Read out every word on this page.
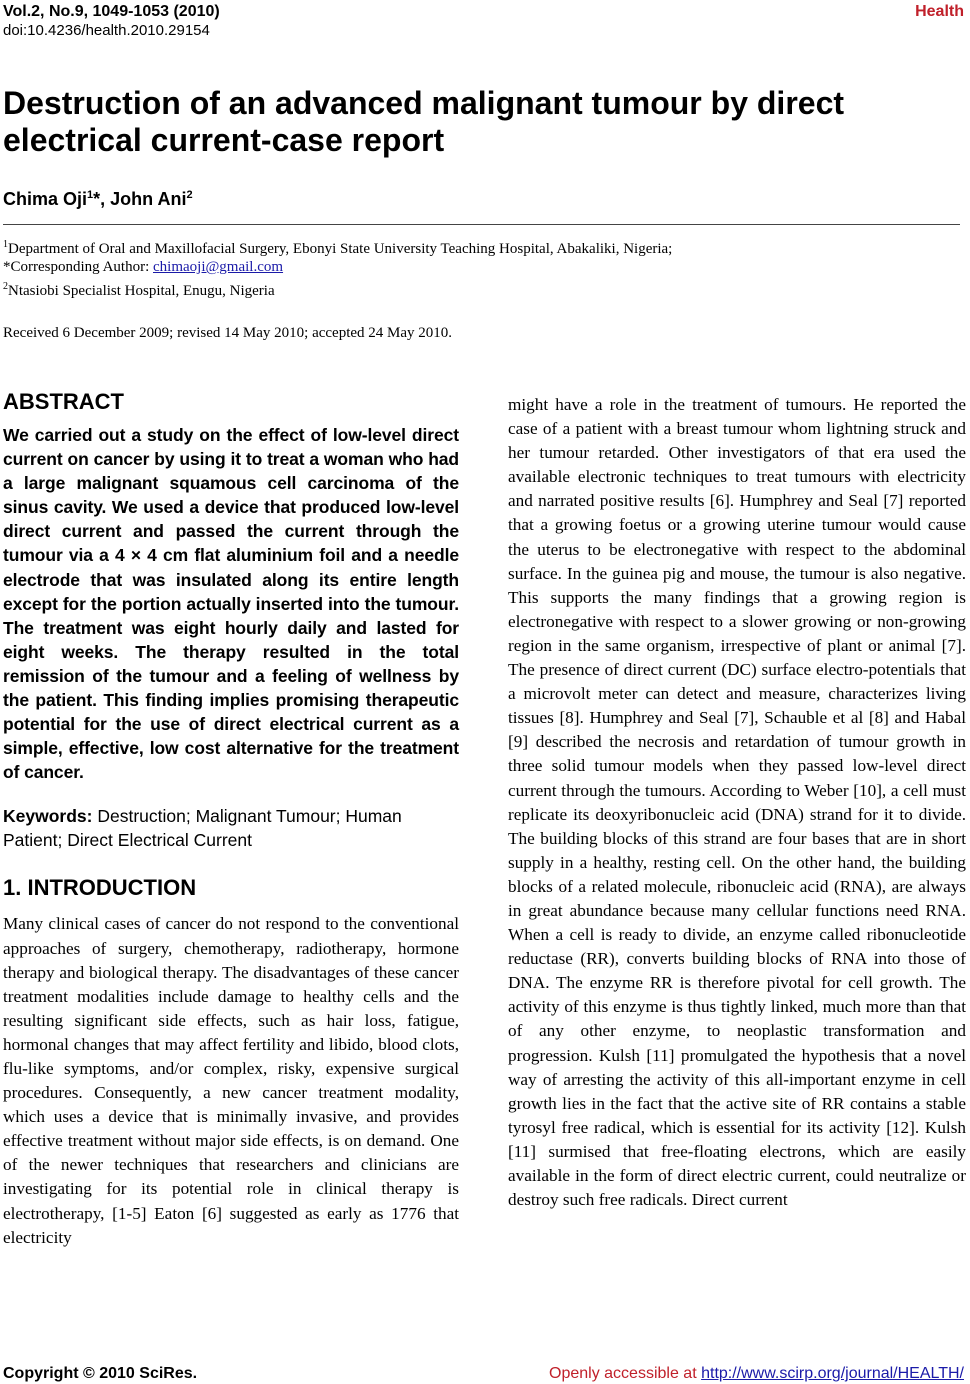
Vol.2, No.9, 1049-1053 (2010)
doi:10.4236/health.2010.29154
Health
Destruction of an advanced malignant tumour by direct electrical current-case report
Chima Oji$^1$*, John Ani$^2$
$^1$Department of Oral and Maxillofacial Surgery, Ebonyi State University Teaching Hospital, Abakaliki, Nigeria;
*Corresponding Author: chimaoji@gmail.com
$^2$Ntasiobi Specialist Hospital, Enugu, Nigeria
Received 6 December 2009; revised 14 May 2010; accepted 24 May 2010.
ABSTRACT

We carried out a study on the effect of low-level direct current on cancer by using it to treat a woman who had a large malignant squamous cell carcinoma of the sinus cavity. We used a device that produced low-level direct current and passed the current through the tumour via a 4 × 4 cm flat aluminium foil and a needle electrode that was insulated along its entire length except for the portion actually inserted into the tumour. The treatment was eight hourly daily and lasted for eight weeks. The therapy resulted in the total remission of the tumour and a feeling of wellness by the patient. This finding implies promising therapeutic potential for the use of direct electrical current as a simple, effective, low cost alternative for the treatment of cancer.

Keywords: Destruction; Malignant Tumour; Human Patient; Direct Electrical Current

1. INTRODUCTION

Many clinical cases of cancer do not respond to the conventional approaches of surgery, chemotherapy, radiotherapy, hormone therapy and biological therapy. The disadvantages of these cancer treatment modalities include damage to healthy cells and the resulting significant side effects, such as hair loss, fatigue, hormonal changes that may affect fertility and libido, blood clots, flu-like symptoms, and/or complex, risky, expensive surgical procedures. Consequently, a new cancer treatment modality, which uses a device that is minimally invasive, and provides effective treatment without major side effects, is on demand. One of the newer techniques that researchers and clinicians are investigating for its potential role in clinical therapy is electrotherapy, [1-5] Eaton [6] suggested as early as 1776 that electricity

might have a role in the treatment of tumours. He reported the case of a patient with a breast tumour whom lightning struck and her tumour retarded. Other investigators of that era used the available electronic techniques to treat tumours with electricity and narrated positive results [6]. Humphrey and Seal [7] reported that a growing foetus or a growing uterine tumour would cause the uterus to be electronegative with respect to the abdominal surface. In the guinea pig and mouse, the tumour is also negative. This supports the many findings that a growing region is electronegative with respect to a slower growing or non-growing region in the same organism, irrespective of plant or animal [7]. The presence of direct current (DC) surface electro-potentials that a microvolt meter can detect and measure, characterizes living tissues [8]. Humphrey and Seal [7], Schauble et al [8] and Habal [9] described the necrosis and retardation of tumour growth in three solid tumour models when they passed low-level direct current through the tumours. According to Weber [10], a cell must replicate its deoxyribonucleic acid (DNA) strand for it to divide. The building blocks of this strand are four bases that are in short supply in a healthy, resting cell. On the other hand, the building blocks of a related molecule, ribonucleic acid (RNA), are always in great abundance because many cellular functions need RNA. When a cell is ready to divide, an enzyme called ribonucleotide reductase (RR), converts building blocks of RNA into those of DNA. The enzyme RR is therefore pivotal for cell growth. The activity of this enzyme is thus tightly linked, much more than that of any other enzyme, to neoplastic transformation and progression. Kulsh [11] promulgated the hypothesis that a novel way of arresting the activity of this all-important enzyme in cell growth lies in the fact that the active site of RR contains a stable tyrosyl free radical, which is essential for its activity [12]. Kulsh [11] surmised that free-floating electrons, which are easily available in the form of direct electric current, could neutralize or destroy such free radicals. Direct current

Copyright © 2010 SciRes.	Openly accessible at http://www.scirp.org/journal/HEALTH/
